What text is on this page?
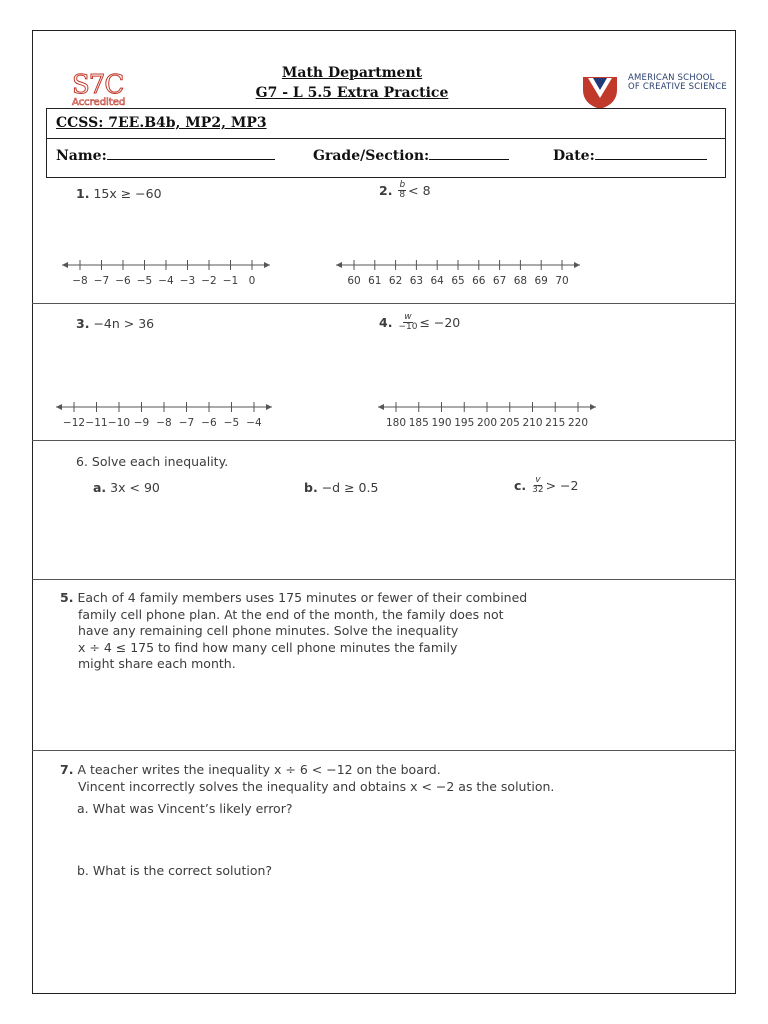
S7C
Accredited
Math Department
G7 - L 5.5 Extra Practice
AMERICAN SCHOOL
OF CREATIVE SCIENCE
CCSS: 7EE.B4b, MP2, MP3
Name:	Grade/Section:	Date:
1. 15x ≥ −60
−8 −7 −6 −5 −4 −3 −2 −1 0
2.
$\frac{b}{8} < 8$
60 61 62 63 64 65 66 67 68 69 70
3. −4n > 36
−12 −11 −10 −9 −8 −7 −6 −5 −4
4.
$\frac{w}{-10} \le -20$
180 185 190 195 200 205 210 215 220
6. Solve each inequality.
a. 3x < 90	b. −d ≥ 0.5	c.
$\frac{v}{32} > -2$
5. Each of 4 family members uses 175 minutes or fewer of their combined
family cell phone plan. At the end of the month, the family does not
have any remaining cell phone minutes. Solve the inequality
x ÷ 4 ≤ 175 to find how many cell phone minutes the family
might share each month.
7. A teacher writes the inequality x ÷ 6 < −12 on the board.
Vincent incorrectly solves the inequality and obtains x < −2 as the solution.
a. What was Vincent’s likely error?
b. What is the correct solution?
